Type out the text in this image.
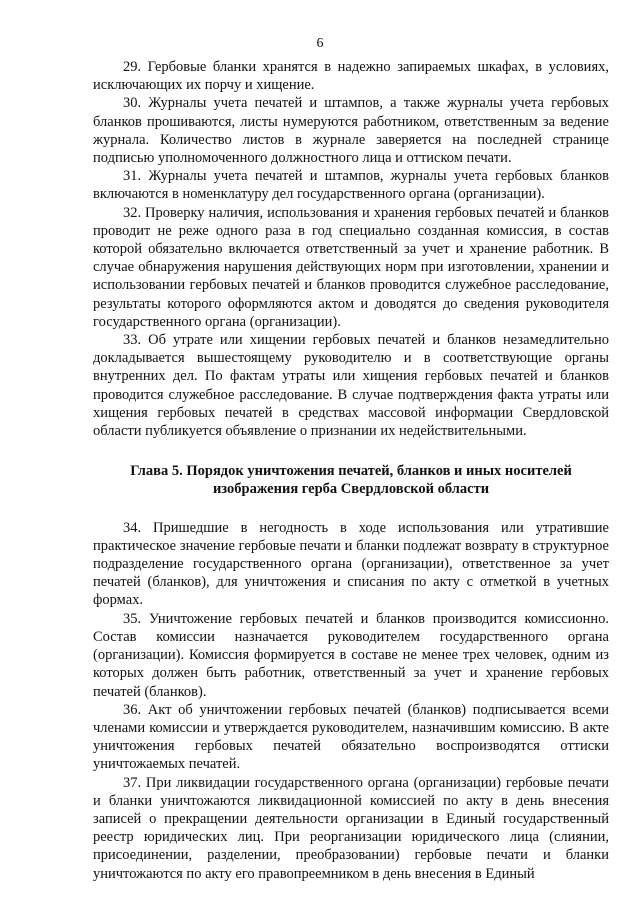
6

29. Гербовые бланки хранятся в надежно запираемых шкафах, в условиях, исключающих их порчу и хищение.

30. Журналы учета печатей и штампов, а также журналы учета гербовых бланков прошиваются, листы нумеруются работником, ответственным за ведение журнала. Количество листов в журнале заверяется на последней странице подписью уполномоченного должностного лица и оттиском печати.

31. Журналы учета печатей и штампов, журналы учета гербовых бланков включаются в номенклатуру дел государственного органа (организации).

32. Проверку наличия, использования и хранения гербовых печатей и бланков проводит не реже одного раза в год специально созданная комиссия, в состав которой обязательно включается ответственный за учет и хранение работник. В случае обнаружения нарушения действующих норм при изготовлении, хранении и использовании гербовых печатей и бланков проводится служебное расследование, результаты которого оформляются актом и доводятся до сведения руководителя государственного органа (организации).

33. Об утрате или хищении гербовых печатей и бланков незамедлительно докладывается вышестоящему руководителю и в соответствующие органы внутренних дел. По фактам утраты или хищения гербовых печатей и бланков проводится служебное расследование. В случае подтверждения факта утраты или хищения гербовых печатей в средствах массовой информации Свердловской области публикуется объявление о признании их недействительными.

Глава 5. Порядок уничтожения печатей, бланков и иных носителей
изображения герба Свердловской области

34. Пришедшие в негодность в ходе использования или утратившие практическое значение гербовые печати и бланки подлежат возврату в структурное подразделение государственного органа (организации), ответственное за учет печатей (бланков), для уничтожения и списания по акту с отметкой в учетных формах.

35. Уничтожение гербовых печатей и бланков производится комиссионно. Состав комиссии назначается руководителем государственного органа (организации). Комиссия формируется в составе не менее трех человек, одним из которых должен быть работник, ответственный за учет и хранение гербовых печатей (бланков).

36. Акт об уничтожении гербовых печатей (бланков) подписывается всеми членами комиссии и утверждается руководителем, назначившим комиссию. В акте уничтожения гербовых печатей обязательно воспроизводятся оттиски уничтожаемых печатей.

37. При ликвидации государственного органа (организации) гербовые печати и бланки уничтожаются ликвидационной комиссией по акту в день внесения записей о прекращении деятельности организации в Единый государственный реестр юридических лиц. При реорганизации юридического лица (слиянии, присоединении, разделении, преобразовании) гербовые печати и бланки уничтожаются по акту его правопреемником в день внесения в Единый
